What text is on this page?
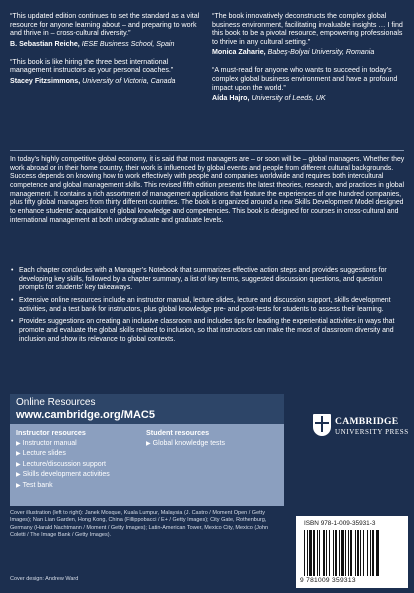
“This updated edition continues to set the standard as a vital resource for anyone learning about – and preparing to work and thrive in – cross-cultural diversity.”
B. Sebastian Reiche, IESE Business School, Spain
“This book is like hiring the three best international management instructors as your personal coaches.”
Stacey Fitzsimmons, University of Victoria, Canada
“The book innovatively deconstructs the complex global business environment, facilitating invaluable insights … I find this book to be a pivotal resource, empowering professionals to thrive in any cultural setting.”
Monica Zaharie, Babeş-Bolyai University, Romania
“A must-read for anyone who wants to succeed in today’s complex global business environment and have a profound impact upon the world.”
Aída Hajro, University of Leeds, UK
In today’s highly competitive global economy, it is said that most managers are – or soon will be – global managers. Whether they work abroad or in their home country, their work is influenced by global events and people from different cultural backgrounds. Success depends on knowing how to work effectively with people and companies worldwide and requires both intercultural competence and global management skills. This revised fifth edition presents the latest theories, research, and practices in global management. It contains a rich assortment of management applications that feature the experiences of one hundred companies, plus fifty global managers from thirty different countries. The book is organized around a new Skills Development Model designed to enhance students’ acquisition of global knowledge and competencies. This book is designed for courses in cross-cultural and international management at both undergraduate and graduate levels.
• Each chapter concludes with a Manager’s Notebook that summarizes effective action steps and provides suggestions for developing key skills, followed by a chapter summary, a list of key terms, suggested discussion questions, and question prompts for students’ key takeaways.
• Extensive online resources include an instructor manual, lecture slides, lecture and discussion support, skills development activities, and a test bank for instructors, plus global knowledge pre- and post-tests for students to assess their learning.
• Provides suggestions on creating an inclusive classroom and includes tips for leading the experiential activities in ways that promote and evaluate the global skills related to inclusion, so that instructors can make the most of classroom diversity and inclusion and show its relevance to global contexts.
Online Resources
www.cambridge.org/MAC5
Instructor resources
▶ Instructor manual
▶ Lecture slides
▶ Lecture/discussion support
▶ Skills development activities
▶ Test bank
Student resources
▶ Global knowledge tests
Cover illustration (left to right): Janek Mosque, Kuala Lumpur, Malaysia (J. Castro / Moment Open / Getty Images); Nan Lian Garden, Hong Kong, China (Fillippobacci / E+ / Getty Images); City Gate, Rothenburg, Germany (Harald Nachtmann / Moment / Getty Images); Latin-American Tower, Mexico City, Mexico (John Coletti / The Image Bank / Getty Images).
Cover design: Andrew Ward
CAMBRIDGE
UNIVERSITY PRESS
ISBN 978-1-009-35931-3
9 781009 359313
